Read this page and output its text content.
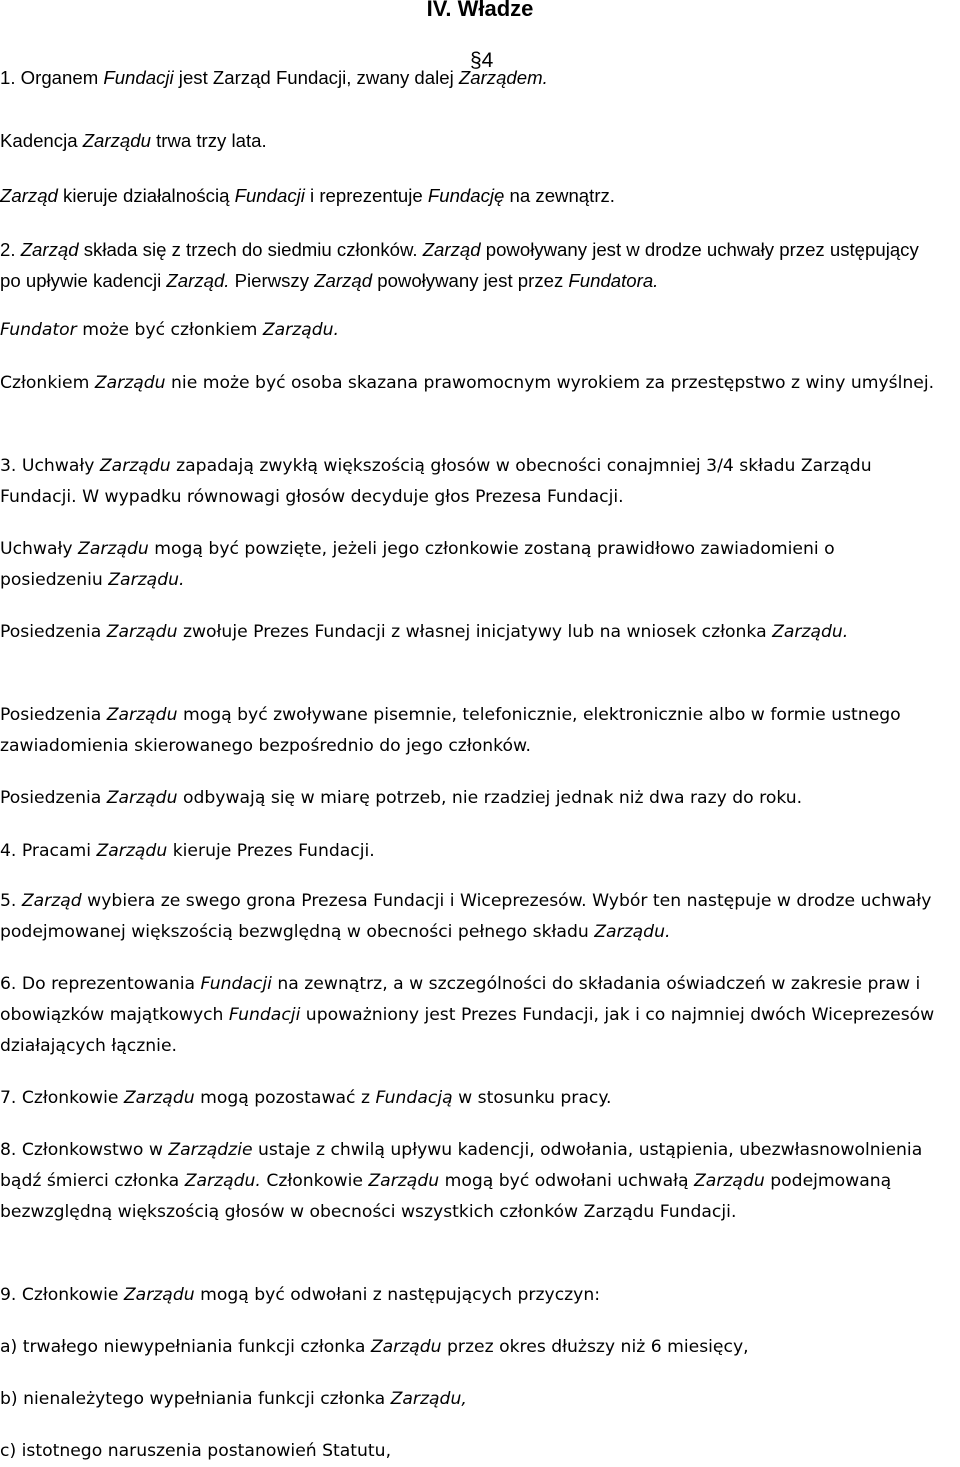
IV. Władze
§4

1. Organem Fundacji jest Zarząd Fundacji, zwany dalej Zarządem.

Kadencja Zarządu trwa trzy lata.

Zarząd kieruje działalnością Fundacji i reprezentuje Fundację na zewnątrz.

2. Zarząd składa się z trzech do siedmiu członków. Zarząd powoływany jest w drodze uchwały przez ustępujący po upływie kadencji Zarząd. Pierwszy Zarząd powoływany jest przez Fundatora.

Fundator może być członkiem Zarządu.

Członkiem Zarządu nie może być osoba skazana prawomocnym wyrokiem za przestępstwo z winy umyślnej.

3. Uchwały Zarządu zapadają zwykłą większością głosów w obecności conajmniej 3/4 składu Zarządu Fundacji. W wypadku równowagi głosów decyduje głos Prezesa Fundacji.

Uchwały Zarządu mogą być powzięte, jeżeli jego członkowie zostaną prawidłowo zawiadomieni o posiedzeniu Zarządu.

Posiedzenia Zarządu zwołuje Prezes Fundacji z własnej inicjatywy lub na wniosek członka Zarządu.

Posiedzenia Zarządu mogą być zwoływane pisemnie, telefonicznie, elektronicznie albo w formie ustnego zawiadomienia skierowanego bezpośrednio do jego członków.

Posiedzenia Zarządu odbywają się w miarę potrzeb, nie rzadziej jednak niż dwa razy do roku.

4. Pracami Zarządu kieruje Prezes Fundacji.

5. Zarząd wybiera ze swego grona Prezesa Fundacji i Wiceprezesów. Wybór ten następuje w drodze uchwały podejmowanej większością bezwględną w obecności pełnego składu Zarządu.

6. Do reprezentowania Fundacji na zewnątrz, a w szczególności do składania oświadczeń w zakresie praw i obowiązków majątkowych Fundacji upoważniony jest Prezes Fundacji, jak i co najmniej dwóch Wiceprezesów działających łącznie.

7. Członkowie Zarządu mogą pozostawać z Fundacją w stosunku pracy.

8. Członkowstwo w Zarządzie ustaje z chwilą upływu kadencji, odwołania, ustąpienia, ubezwłasnowolnienia bądź śmierci członka Zarządu. Członkowie Zarządu mogą być odwołani uchwałą Zarządu podejmowaną bezwzględną większością głosów w obecności wszystkich członków Zarządu Fundacji.

9. Członkowie Zarządu mogą być odwołani z następujących przyczyn:

a) trwałego niewypełniania funkcji członka Zarządu przez okres dłuższy niż 6 miesięcy,

b) nienależytego wypełniania funkcji członka Zarządu,

c) istotnego naruszenia postanowień Statutu,
